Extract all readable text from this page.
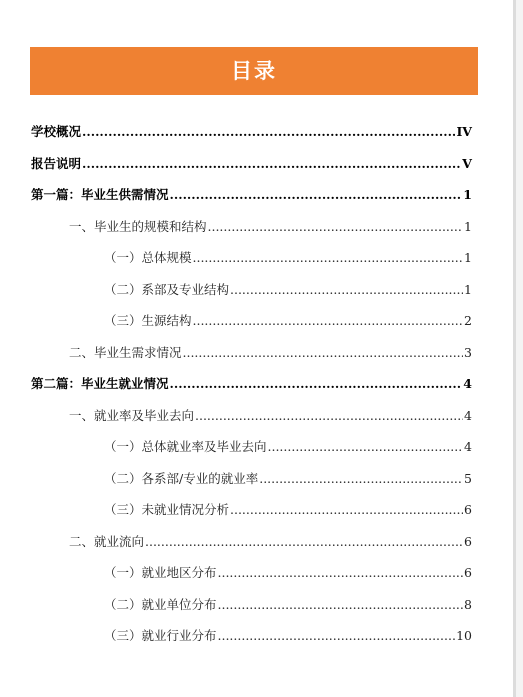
目录
学校概况 .....	IV
报告说明 .....	V
第一篇：毕业生供需情况 .....	1
一、毕业生的规模和结构 .....	1
（一）总体规模 .....	1
（二）系部及专业结构 .....	1
（三）生源结构 .....	2
二、毕业生需求情况 .....	3
第二篇：毕业生就业情况 .....	4
一、就业率及毕业去向 .....	4
（一）总体就业率及毕业去向 .....	4
（二）各系部/专业的就业率 .....	5
（三）未就业情况分析 .....	6
二、就业流向 .....	6
（一）就业地区分布 .....	6
（二）就业单位分布 .....	8
（三）就业行业分布 .....	10
